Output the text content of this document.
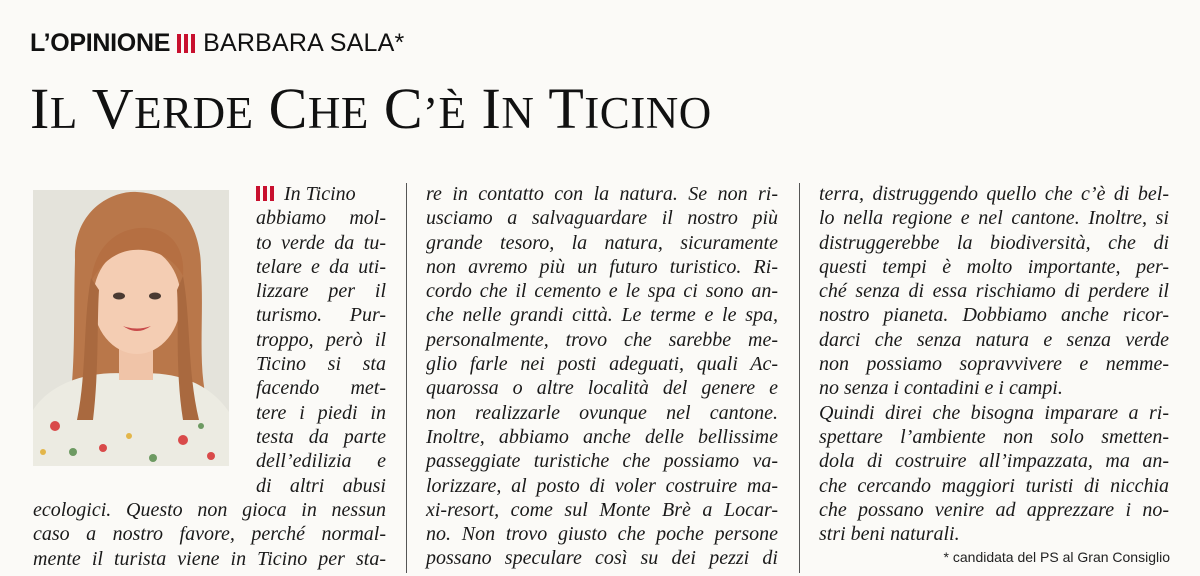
L’OPINIONE BARBARA SALA*
IL VERDE CHE C’È IN TICINO
In Ticino
abbiamo mol-
to verde da tu-
telare e da uti-
lizzare per il
turismo. Pur-
troppo, però il
Ticino si sta
facendo met-
tere i piedi in
testa da parte
dell’edilizia e
di altri abusi
ecologici. Questo non gioca in nessun
caso a nostro favore, perché normal-
mente il turista viene in Ticino per sta-
re in contatto con la natura. Se non ri-
usciamo a salvaguardare il nostro più
grande tesoro, la natura, sicuramente
non avremo più un futuro turistico. Ri-
cordo che il cemento e le spa ci sono an-
che nelle grandi città. Le terme e le spa,
personalmente, trovo che sarebbe me-
glio farle nei posti adeguati, quali Ac-
quarossa o altre località del genere e
non realizzarle ovunque nel cantone.
Inoltre, abbiamo anche delle bellissime
passeggiate turistiche che possiamo va-
lorizzare, al posto di voler costruire ma-
xi-resort, come sul Monte Brè a Locar-
no. Non trovo giusto che poche persone
possano speculare così su dei pezzi di
terra, distruggendo quello che c’è di bel-
lo nella regione e nel cantone. Inoltre, si
distruggerebbe la biodiversità, che di
questi tempi è molto importante, per-
ché senza di essa rischiamo di perdere il
nostro pianeta. Dobbiamo anche ricor-
darci che senza natura e senza verde
non possiamo sopravvivere e nemme-
no senza i contadini e i campi.
Quindi direi che bisogna imparare a ri-
spettare l’ambiente non solo smetten-
dola di costruire all’impazzata, ma an-
che cercando maggiori turisti di nicchia
che possano venire ad apprezzare i no-
stri beni naturali.
* candidata del PS al Gran Consiglio
